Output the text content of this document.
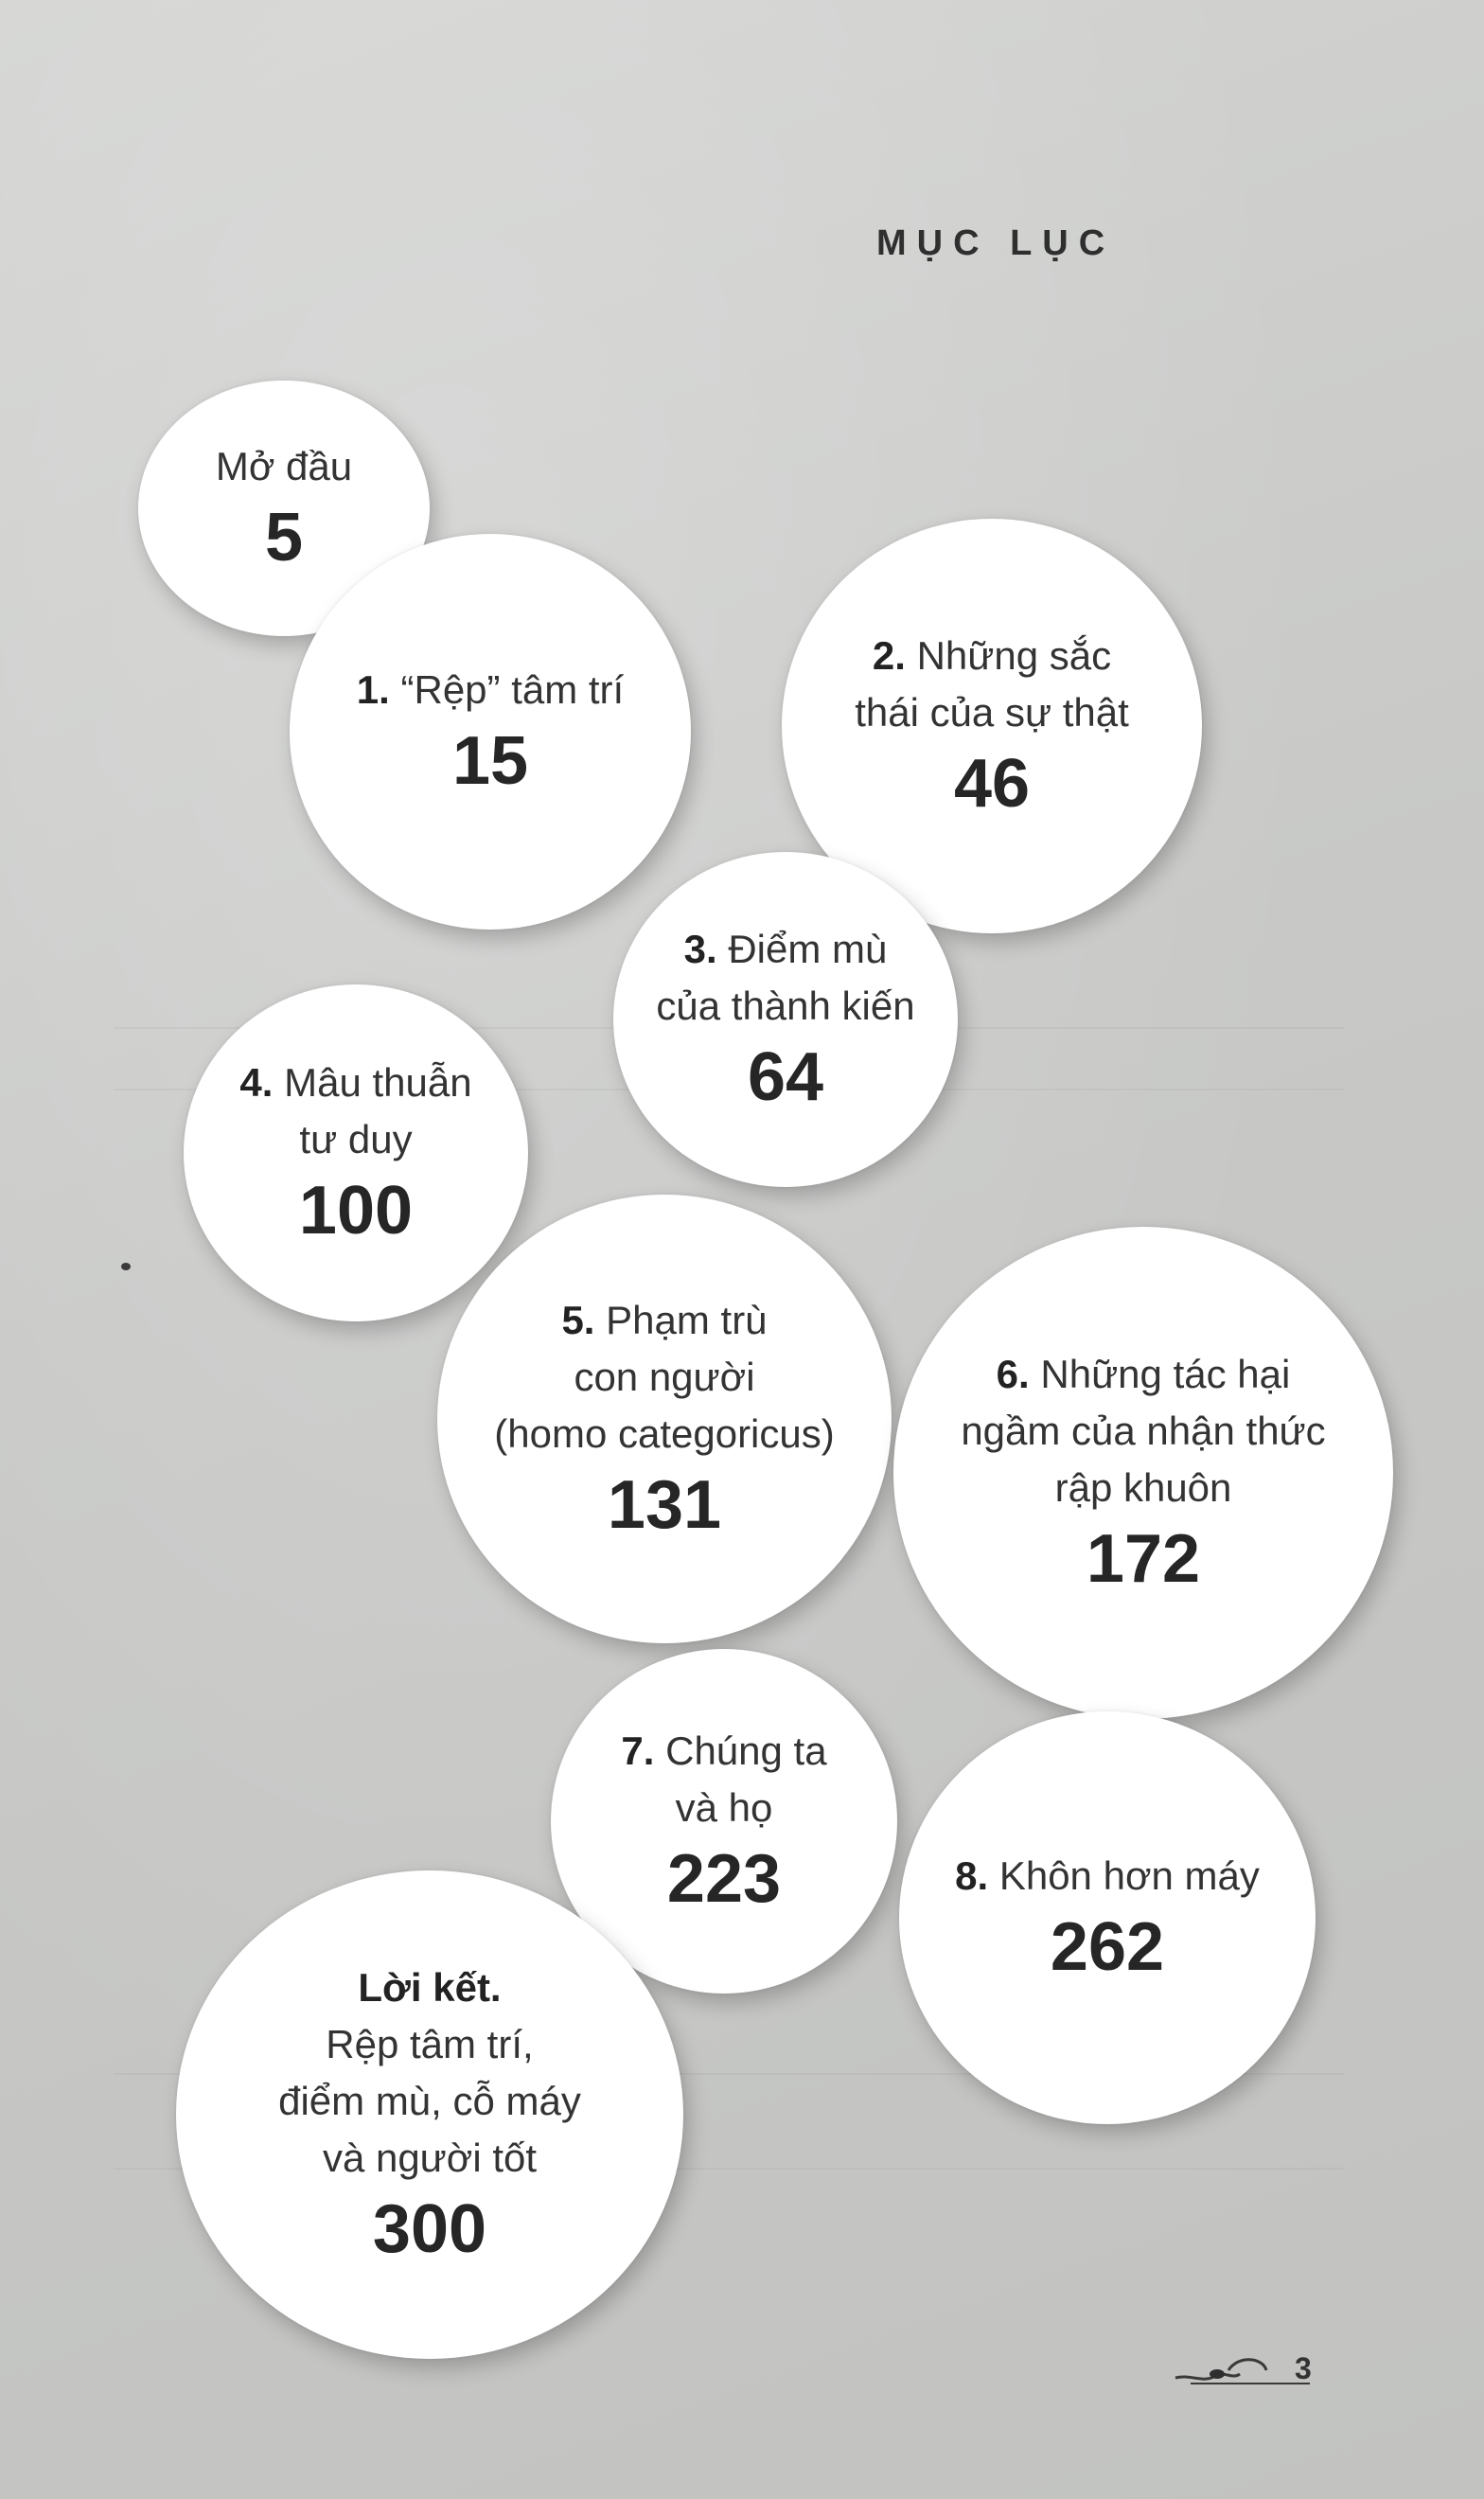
MỤC LỤC
Mở đầu
5
1. “Rệp” tâm trí
15
2. Những sắc
thái của sự thật
46
4. Mâu thuẫn
tư duy
100
3. Điểm mù
của thành kiến
64
5. Phạm trù
con người
(homo categoricus)
131
6. Những tác hại
ngầm của nhận thức
rập khuôn
172
7. Chúng ta
và họ
223	8. Khôn hơn máy
262
Lời kết.
Rệp tâm trí,
điểm mù, cỗ máy
và người tốt
300
3
